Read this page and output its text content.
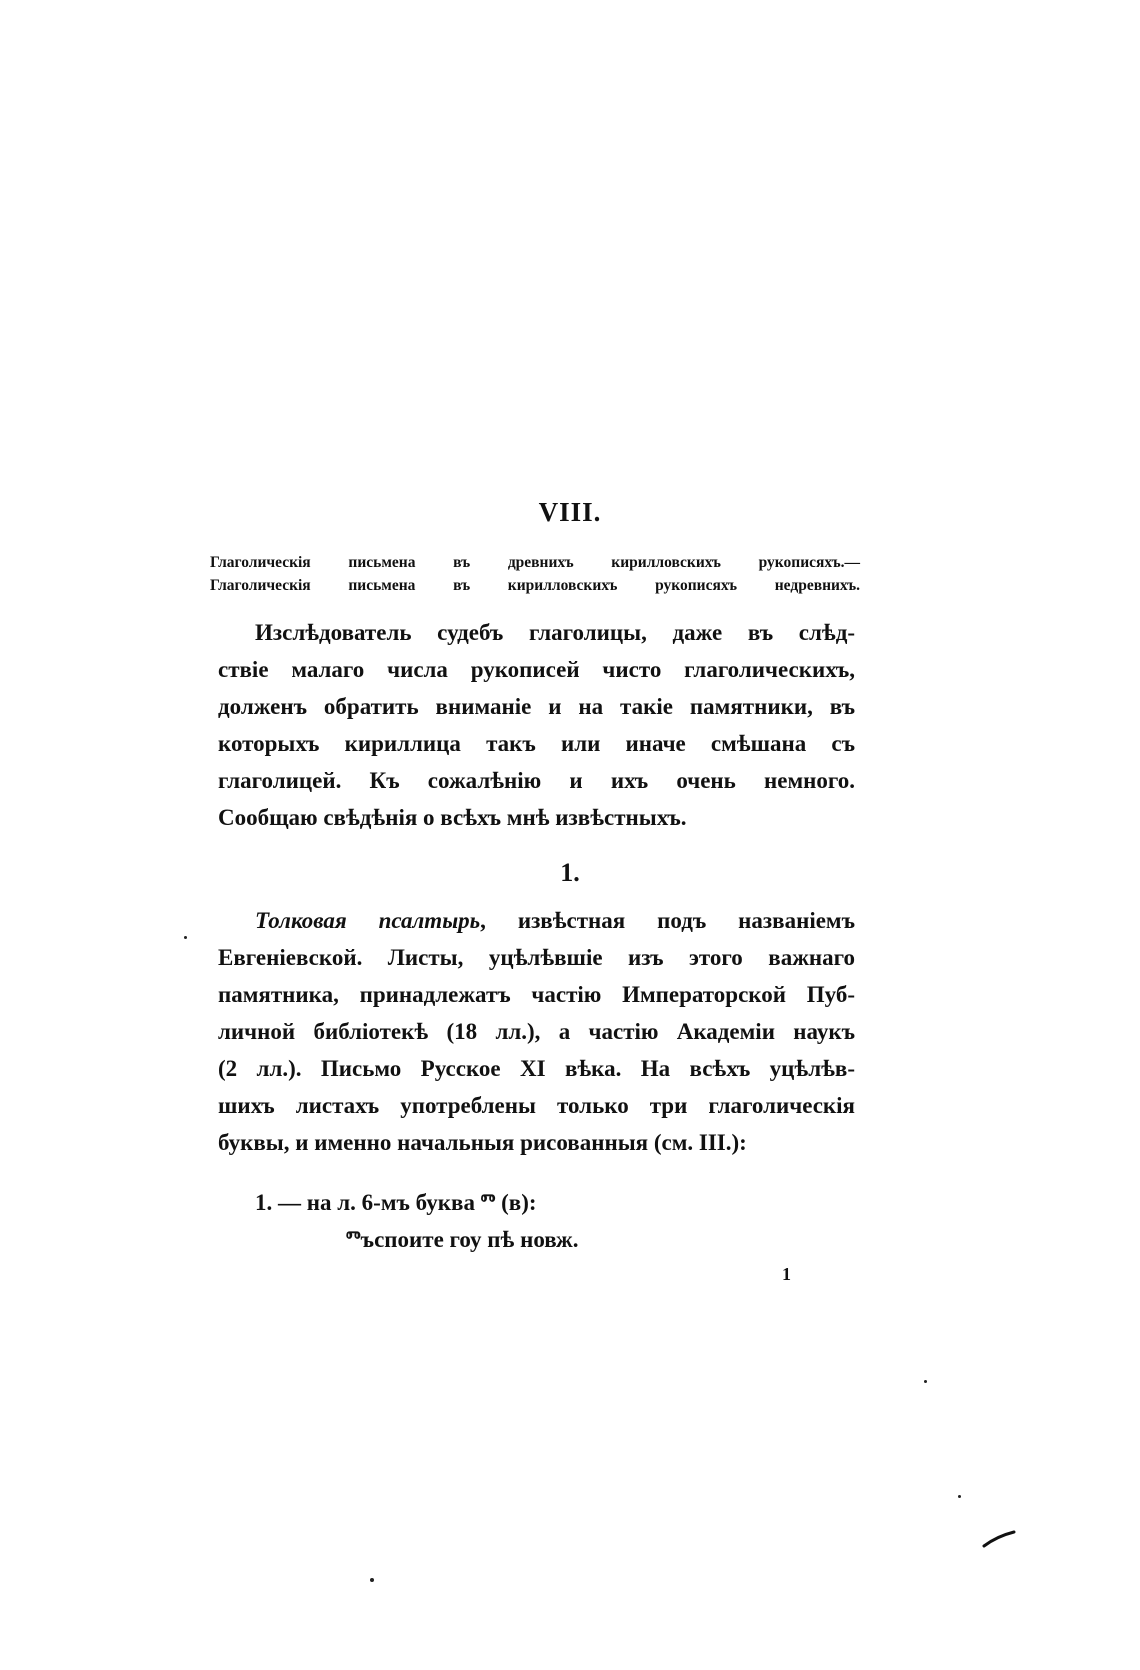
VIII.
Глаголическія письмена въ древнихъ кирилловскихъ рукописяхъ.—
Глаголическія письмена въ кирилловскихъ рукописяхъ недревнихъ.
Изслѣдователь судебъ глаголицы, даже въ слѣд-
ствіе малаго числа рукописей чисто глаголическихъ,
долженъ обратить вниманіе и на такіе памятники, въ
которыхъ кириллица такъ или иначе смѣшана съ
глаголицей. Къ сожалѣнію и ихъ очень немного.
Сообщаю свѣдѣнія о всѣхъ мнѣ извѣстныхъ.
1.
Толковая псалтырь, извѣстная подъ названіемъ
Евгеніевской. Листы, уцѣлѣвшіе изъ этого важнаго
памятника, принадлежатъ частію Императорской Пуб-
личной библіотекѣ (18 лл.), а частію Академіи наукъ
(2 лл.). Письмо Русское XI вѣка. На всѣхъ уцѣлѣв-
шихъ листахъ употреблены только три глаголическія
буквы, и именно начальныя рисованныя (см. III.):
1. — на л. 6-мъ буква ⱅ (в):
ⱅъспоите гоу пѣ новж.
1
